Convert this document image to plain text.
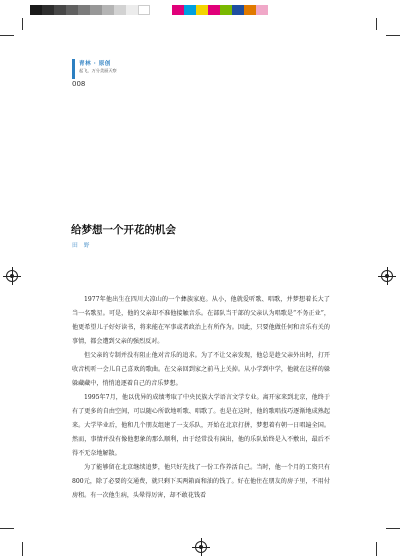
青林 · 原创
起飞，万分美丽天察
008
给梦想一个开花的机会
田 野

1977年他出生在四川大凉山的一个彝族家庭。从小，他就爱听歌、唱歌，并梦想着长大了当一名歌星。可是，他的父亲却不准他接触音乐。在部队当干部的父亲认为唱歌是“不务正业”，他更希望儿子好好读书，将来能在军事或者政治上有所作为。因此，只要他做任何和音乐有关的事情，都会遭到父亲的强烈反对。

但父亲的专制并没有阻止他对音乐的追求。为了不让父亲发现，他总是趁父亲外出时，打开收音机听一会儿自己喜欢的歌曲。在父亲回到家之前马上关掉。从小学到中学，他就在这样的躲躲藏藏中，悄悄追逐着自己的音乐梦想。

1995年7月，他以优异的成绩考取了中央民族大学语言文学专业。离开家来到北京，他终于有了更多的自由空间，可以随心所欲地听歌、唱歌了。也是在这时，他的歌唱技巧逐渐地成熟起来。大学毕业后，他和几个朋友组建了一支乐队，开始在北京打拼，梦想着有朝一日唱遍全国。然而，事情并没有像他想象的那么顺利，由于经常没有演出，他的乐队始终是入不敷出，最后不得不无奈地解散。

为了能够留在北京继续追梦，他只好先找了一份工作养活自己。当时，他一个月的工资只有800元，除了必要的交通费，就只剩下买两箱面和油的钱了。好在他住在朋友的房子里，不用付房租。有一次他生病，头晕得厉害，却不敢花钱看
